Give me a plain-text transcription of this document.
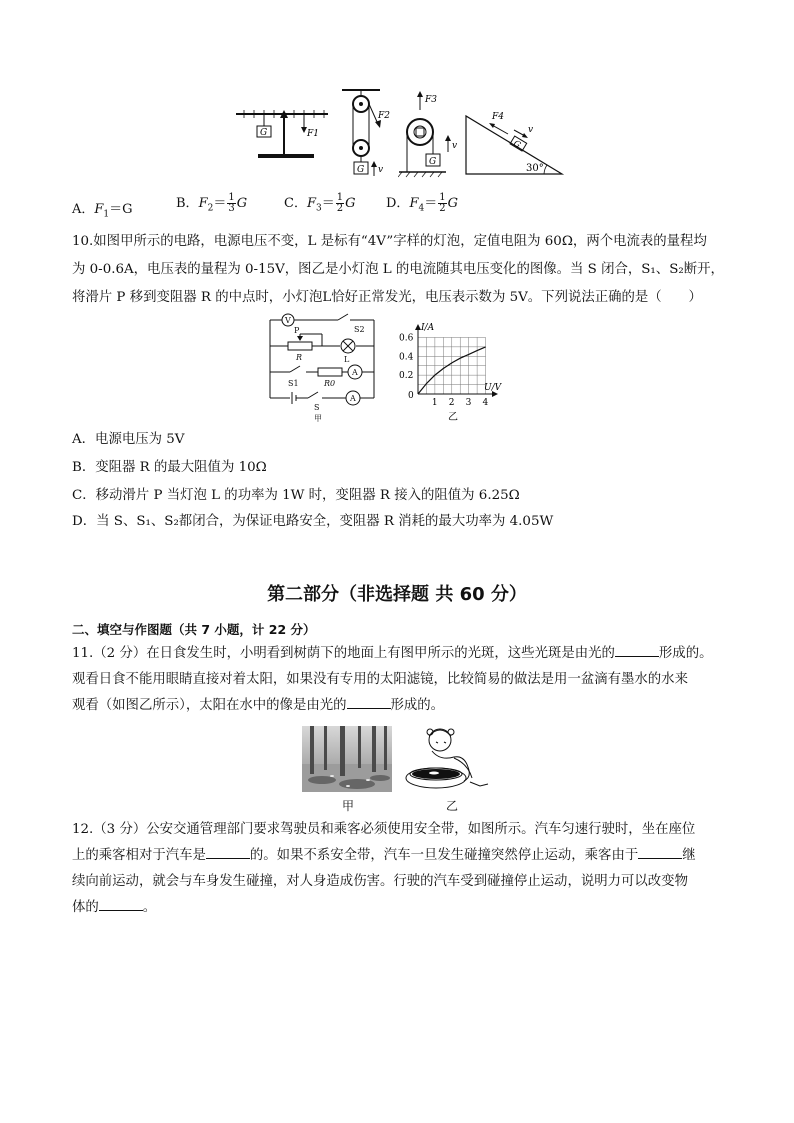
G	F1
G
F2
v
F3
G
v	G
F4
v
30°
A．$F_1=G$	B．$F_2= \frac{1}{3}$ G	C．$F_3= \frac{1}{2}$ G D．$F_4= \frac{1}{2}$ G
10.如图甲所示的电路，电源电压不变，L 是标有“4V”字样的灯泡，定值电阻为 60Ω，两个电流表的量程均
为 0-0.6A，电压表的量程为 0-15V，图乙是小灯泡 L 的电流随其电压变化的图像。当 S 闭合，S₁、S₂断开，
将滑片 P 移到变阻器 R 的中点时，小灯泡L恰好正常发光，电压表示数为 5V。下列说法正确的是（　　）
V
S2
P
R	L
S1	R0
A
A
S
甲
I/A
U/V
0
1 2 3 4
0.2
0.4
0.6
乙
A．电源电压为 5V
B．变阻器 R 的最大阻值为 10Ω
C．移动滑片 P 当灯泡 L 的功率为 1W 时，变阻器 R 接入的阻值为 6.25Ω
D．当 S、S₁、S₂都闭合，为保证电路安全，变阻器 R 消耗的最大功率为 4.05W
第二部分（非选择题 共 60 分）
二、填空与作图题（共 7 小题，计 22 分）
11.（2 分）在日食发生时，小明看到树荫下的地面上有图甲所示的光斑，这些光斑是由光的	形成的。
观看日食不能用眼睛直接对着太阳，如果没有专用的太阳滤镜，比较简易的做法是用一盆滴有墨水的水来
观看（如图乙所示），太阳在水中的像是由光的	形成的。
甲	乙
12.（3 分）公安交通管理部门要求驾驶员和乘客必须使用安全带，如图所示。汽车匀速行驶时，坐在座位
上的乘客相对于汽车是	的。如果不系安全带，汽车一旦发生碰撞突然停止运动，乘客由于	继
续向前运动，就会与车身发生碰撞，对人身造成伤害。行驶的汽车受到碰撞停止运动，说明力可以改变物
体的	。
